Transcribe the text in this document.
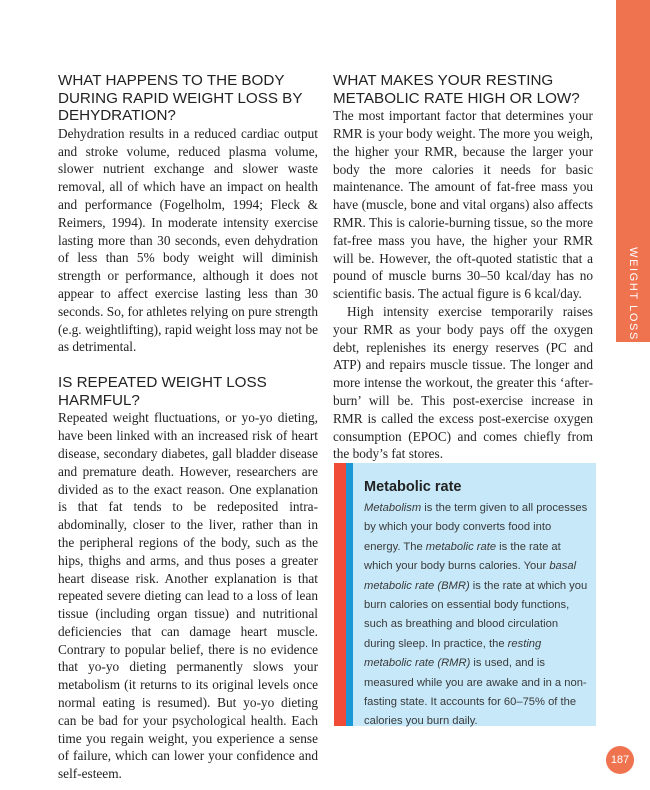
WEIGHT LOSS
WHAT HAPPENS TO THE BODY DURING RAPID WEIGHT LOSS BY DEHYDRATION?

Dehydration results in a reduced cardiac output and stroke volume, reduced plasma volume, slower nutrient exchange and slower waste removal, all of which have an impact on health and performance (Fogelholm, 1994; Fleck & Reimers, 1994). In moderate intensity exercise lasting more than 30 seconds, even dehydration of less than 5% body weight will diminish strength or performance, although it does not appear to affect exercise lasting less than 30 seconds. So, for athletes relying on pure strength (e.g. weightlifting), rapid weight loss may not be as detrimental.

IS REPEATED WEIGHT LOSS HARMFUL?

Repeated weight fluctuations, or yo-yo dieting, have been linked with an increased risk of heart disease, secondary diabetes, gall bladder disease and premature death. However, researchers are divided as to the exact reason. One explanation is that fat tends to be redeposited intra-abdominally, closer to the liver, rather than in the peripheral regions of the body, such as the hips, thighs and arms, and thus poses a greater heart disease risk. Another explanation is that repeated severe dieting can lead to a loss of lean tissue (including organ tissue) and nutritional deficiencies that can damage heart muscle. Contrary to popular belief, there is no evidence that yo-yo dieting permanently slows your metabolism (it returns to its original levels once normal eating is resumed). But yo-yo dieting can be bad for your psychological health. Each time you regain weight, you experience a sense of failure, which can lower your confidence and self-esteem.

WHAT MAKES YOUR RESTING METABOLIC RATE HIGH OR LOW?

The most important factor that determines your RMR is your body weight. The more you weigh, the higher your RMR, because the larger your body the more calories it needs for basic maintenance. The amount of fat-free mass you have (muscle, bone and vital organs) also affects RMR. This is calorie-burning tissue, so the more fat-free mass you have, the higher your RMR will be. However, the oft-quoted statistic that a pound of muscle burns 30–50 kcal/day has no scientific basis. The actual figure is 6 kcal/day.

High intensity exercise temporarily raises your RMR as your body pays off the oxygen debt, replenishes its energy reserves (PC and ATP) and repairs muscle tissue. The longer and more intense the workout, the greater this ‘after-burn’ will be. This post-exercise increase in RMR is called the excess post-exercise oxygen consumption (EPOC) and comes chiefly from the body’s fat stores.

Metabolic rate
Metabolism is the term given to all processes by which your body converts food into energy. The metabolic rate is the rate at which your body burns calories. Your basal metabolic rate (BMR) is the rate at which you burn calories on essential body functions, such as breathing and blood circulation during sleep. In practice, the resting metabolic rate (RMR) is used, and is measured while you are awake and in a non-fasting state. It accounts for 60–75% of the calories you burn daily.
187
